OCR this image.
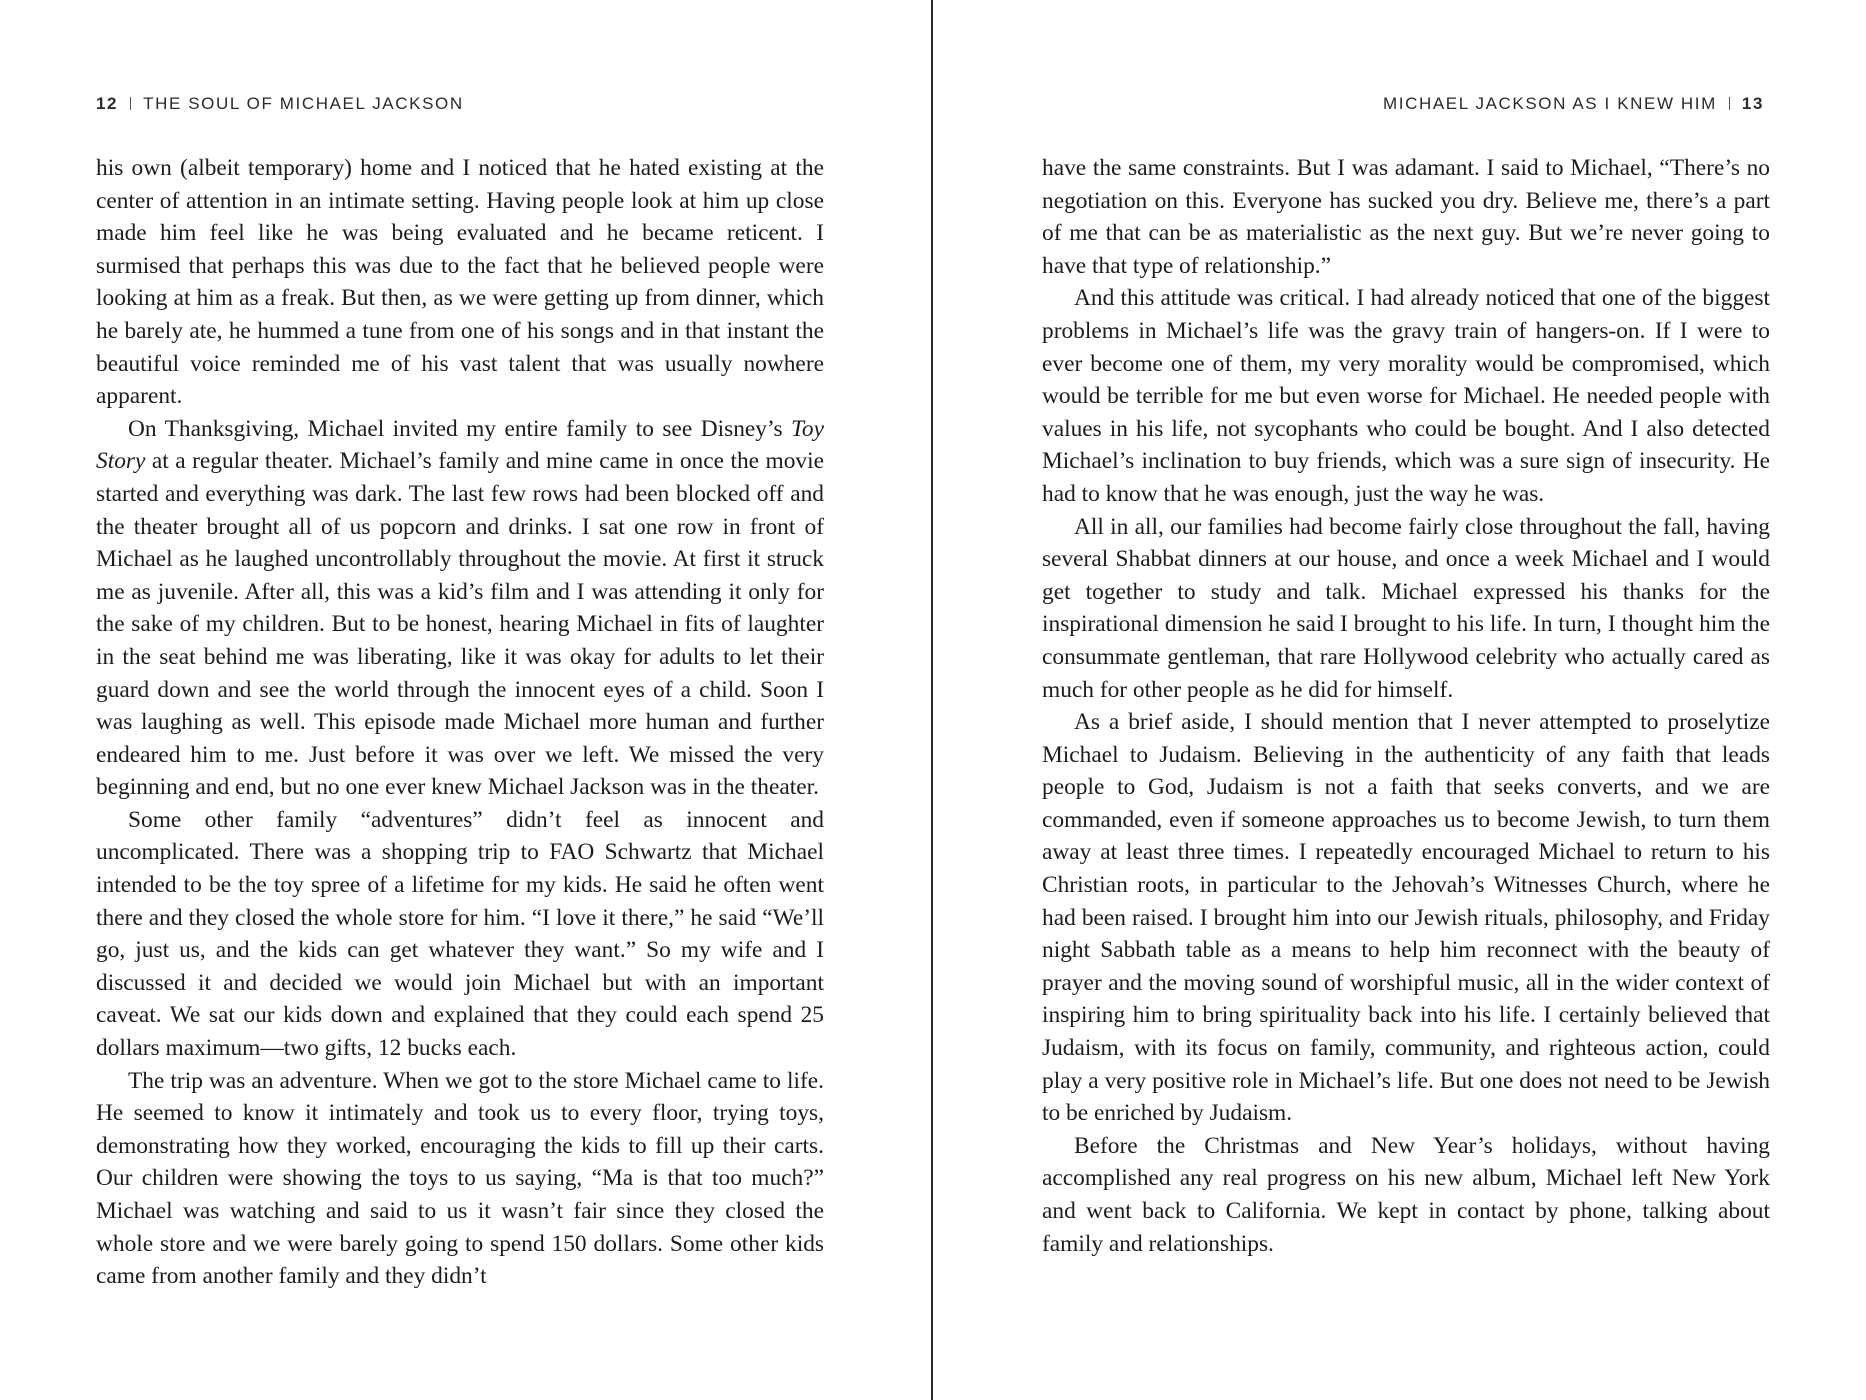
12 THE SOUL OF MICHAEL JACKSON

his own (albeit temporary) home and I noticed that he hated existing at the center of attention in an intimate setting. Having people look at him up close made him feel like he was being evaluated and he became reticent. I surmised that perhaps this was due to the fact that he believed people were looking at him as a freak. But then, as we were getting up from dinner, which he barely ate, he hummed a tune from one of his songs and in that instant the beautiful voice reminded me of his vast talent that was usually nowhere apparent.

On Thanksgiving, Michael invited my entire family to see Disney’s Toy Story at a regular theater. Michael’s family and mine came in once the movie started and everything was dark. The last few rows had been blocked off and the theater brought all of us popcorn and drinks. I sat one row in front of Michael as he laughed uncontrollably throughout the movie. At first it struck me as juvenile. After all, this was a kid’s film and I was attending it only for the sake of my children. But to be honest, hearing Michael in fits of laughter in the seat behind me was liberating, like it was okay for adults to let their guard down and see the world through the innocent eyes of a child. Soon I was laughing as well. This episode made Michael more human and further endeared him to me. Just before it was over we left. We missed the very beginning and end, but no one ever knew Michael Jackson was in the theater.

Some other family “adventures” didn’t feel as innocent and uncomplicated. There was a shopping trip to FAO Schwartz that Michael intended to be the toy spree of a lifetime for my kids. He said he often went there and they closed the whole store for him. “I love it there,” he said “We’ll go, just us, and the kids can get whatever they want.” So my wife and I discussed it and decided we would join Michael but with an important caveat. We sat our kids down and explained that they could each spend 25 dollars maximum—two gifts, 12 bucks each.

The trip was an adventure. When we got to the store Michael came to life. He seemed to know it intimately and took us to every floor, trying toys, demonstrating how they worked, encouraging the kids to fill up their carts. Our children were showing the toys to us saying, “Ma is that too much?” Michael was watching and said to us it wasn’t fair since they closed the whole store and we were barely going to spend 150 dollars. Some other kids came from another family and they didn’t

MICHAEL JACKSON AS I KNEW HIM 13

have the same constraints. But I was adamant. I said to Michael, “There’s no negotiation on this. Everyone has sucked you dry. Believe me, there’s a part of me that can be as materialistic as the next guy. But we’re never going to have that type of relationship.”

And this attitude was critical. I had already noticed that one of the biggest problems in Michael’s life was the gravy train of hangers-on. If I were to ever become one of them, my very morality would be compromised, which would be terrible for me but even worse for Michael. He needed people with values in his life, not sycophants who could be bought. And I also detected Michael’s inclination to buy friends, which was a sure sign of insecurity. He had to know that he was enough, just the way he was.

All in all, our families had become fairly close throughout the fall, having several Shabbat dinners at our house, and once a week Michael and I would get together to study and talk. Michael expressed his thanks for the inspirational dimension he said I brought to his life. In turn, I thought him the consummate gentleman, that rare Hollywood celebrity who actually cared as much for other people as he did for himself.

As a brief aside, I should mention that I never attempted to proselytize Michael to Judaism. Believing in the authenticity of any faith that leads people to God, Judaism is not a faith that seeks converts, and we are commanded, even if someone approaches us to become Jewish, to turn them away at least three times. I repeatedly encouraged Michael to return to his Christian roots, in particular to the Jehovah’s Witnesses Church, where he had been raised. I brought him into our Jewish rituals, philosophy, and Friday night Sabbath table as a means to help him reconnect with the beauty of prayer and the moving sound of worshipful music, all in the wider context of inspiring him to bring spirituality back into his life. I certainly believed that Judaism, with its focus on family, community, and righteous action, could play a very positive role in Michael’s life. But one does not need to be Jewish to be enriched by Judaism.

Before the Christmas and New Year’s holidays, without having accomplished any real progress on his new album, Michael left New York and went back to California. We kept in contact by phone, talking about family and relationships.
